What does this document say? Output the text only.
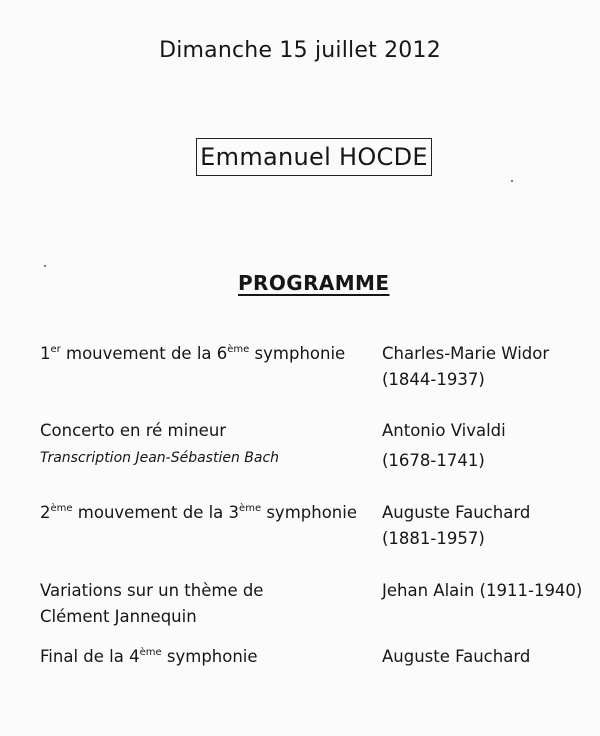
Dimanche 15 juillet 2012
Emmanuel HOCDE
PROGRAMME
1er mouvement de la 6ème symphonie Charles-Marie Widor
(1844-1937)
Concerto en ré mineur
Transcription Jean-Sébastien Bach
Antonio Vivaldi
(1678-1741)
2ème mouvement de la 3ème symphonie Auguste Fauchard
(1881-1957)
Variations sur un thème de
Clément Jannequin
Jehan Alain (1911-1940)
Final de la 4ème symphonie	Auguste Fauchard
